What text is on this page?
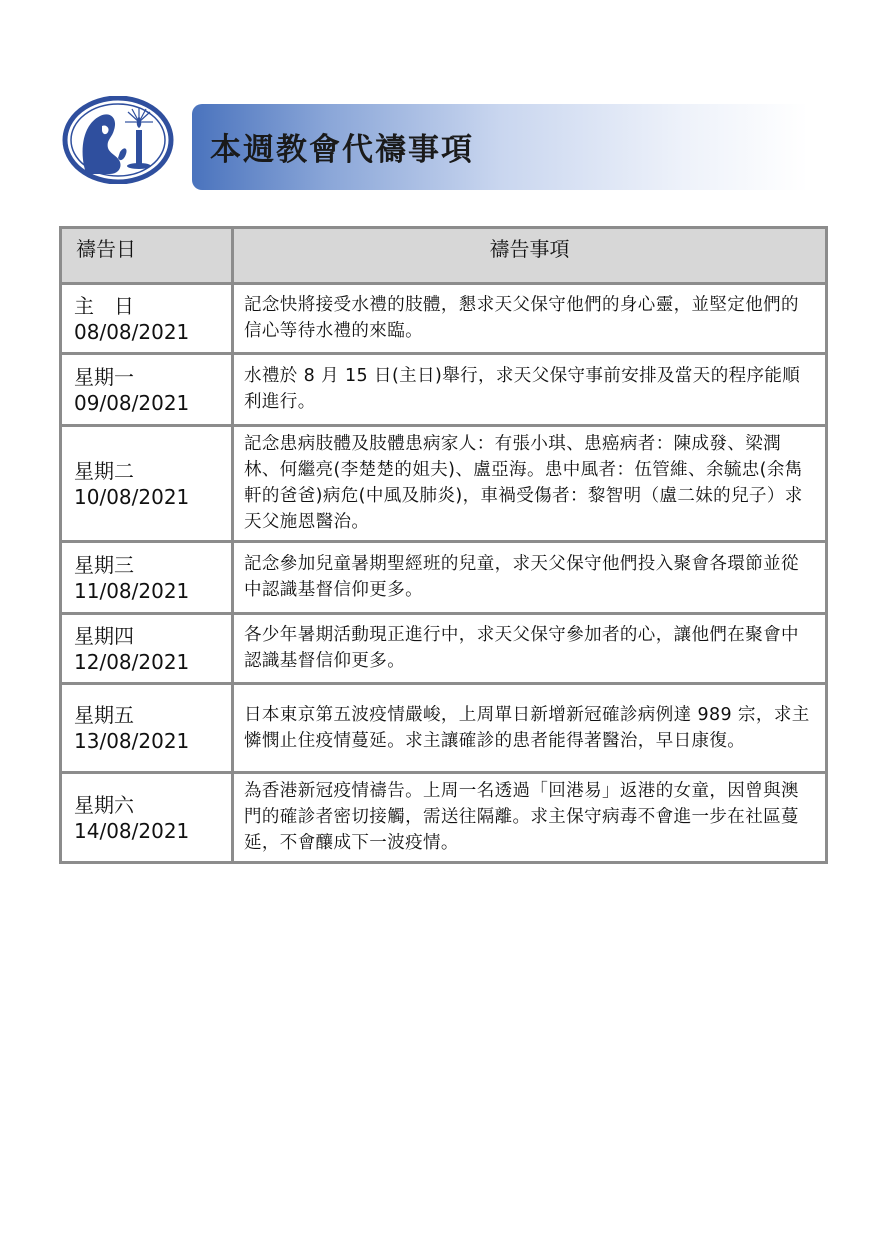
本週教會代禱事項
禱告日	禱告事項

主　日
08/08/2021	記念快將接受水禮的肢體，懇求天父保守他們的身心靈，並堅定他們的信心等待水禮的來臨。

星期一
09/08/2021	水禮於 8 月 15 日(主日)舉行，求天父保守事前安排及當天的程序能順利進行。

星期二
10/08/2021	記念患病肢體及肢體患病家人：有張小琪、患癌病者：陳成發、梁潤林、何繼亮(李楚楚的姐夫)、盧亞海。患中風者：伍管維、余毓忠(余雋軒的爸爸)病危(中風及肺炎)，車禍受傷者：黎智明（盧二妹的兒子）求天父施恩醫治。

星期三
11/08/2021	記念參加兒童暑期聖經班的兒童，求天父保守他們投入聚會各環節並從中認識基督信仰更多。

星期四
12/08/2021	各少年暑期活動現正進行中，求天父保守參加者的心，讓他們在聚會中認識基督信仰更多。

星期五
13/08/2021	日本東京第五波疫情嚴峻，上周單日新增新冠確診病例達 989 宗，求主憐憫止住疫情蔓延。求主讓確診的患者能得著醫治，早日康復。

星期六
14/08/2021	為香港新冠疫情禱告。上周一名透過「回港易」返港的女童，因曾與澳門的確診者密切接觸，需送往隔離。求主保守病毒不會進一步在社區蔓延，不會釀成下一波疫情。
